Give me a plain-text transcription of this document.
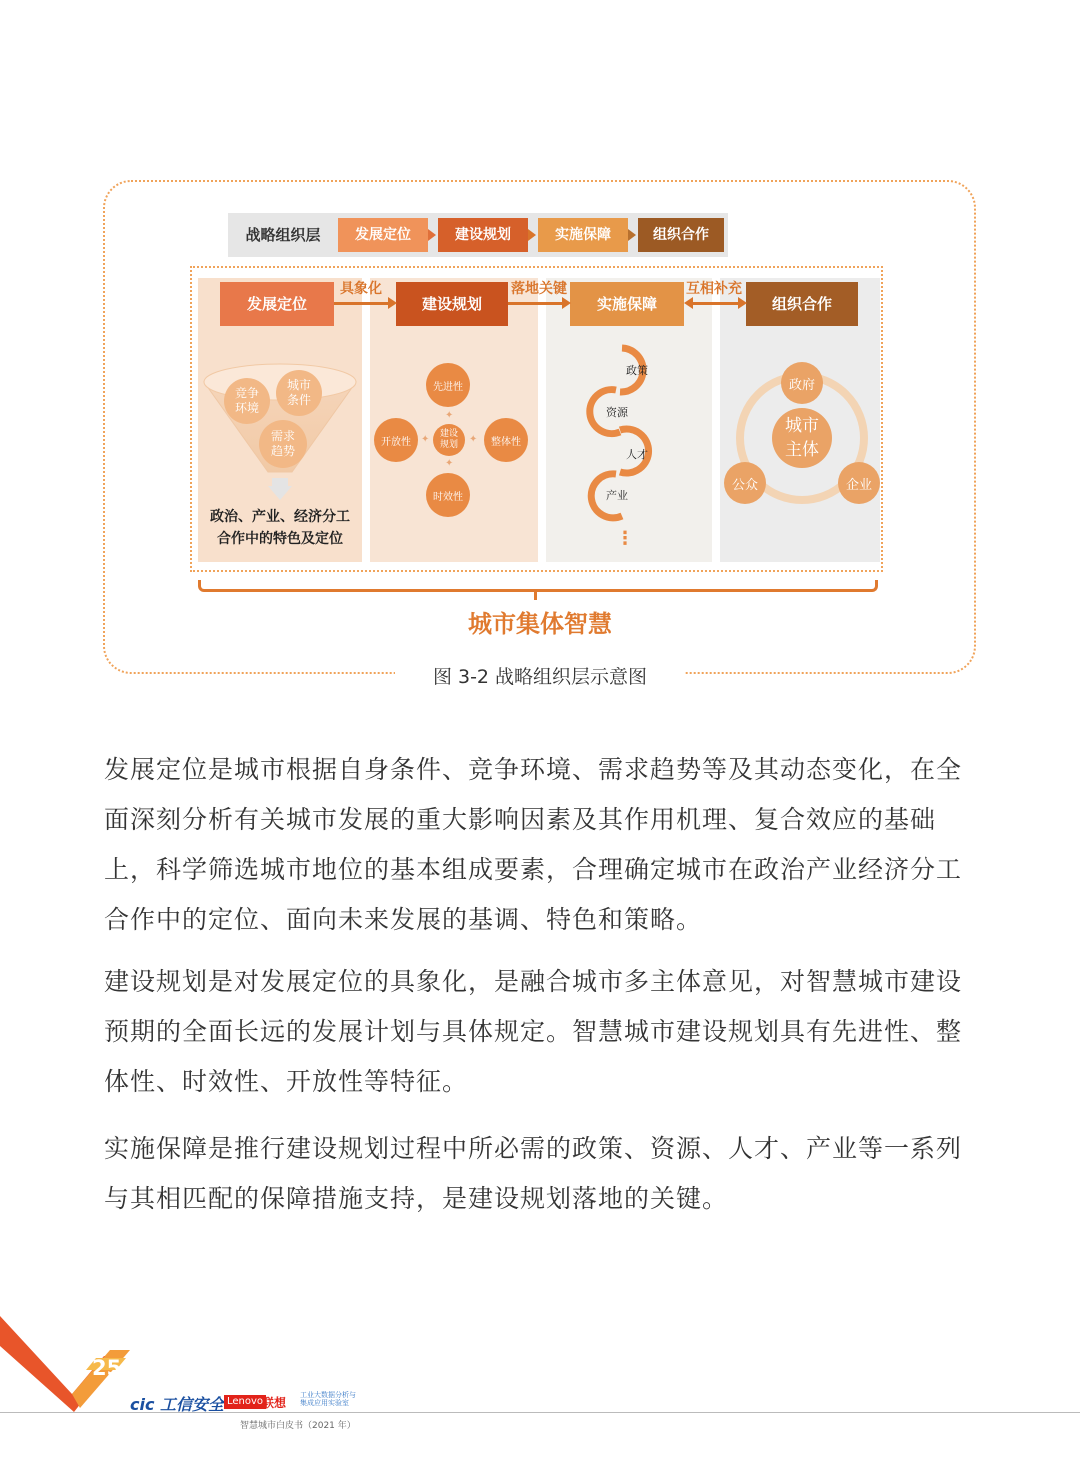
图 3-2 战略组织层示意图
战略组织层	发展定位	建设规划	实施保障	组织合作
发展定位	建设规划	实施保障	组织合作
具象化	落地关键	互相补充
竞争
环境
城市
条件
需求
趋势
政治、产业、经济分工
合作中的特色及定位
先进性
开放性	整体性
时效性
建设
规划
✦
✦
✦	✦
政策
资源
人才
产业
⋮
城市
主体
政府
公众	企业
城市集体智慧
发展定位是城市根据自身条件、竞争环境、需求趋势等及其动态变化，在全面深刻分析有关城市发展的重大影响因素及其作用机理、复合效应的基础上，科学筛选城市地位的基本组成要素，合理确定城市在政治产业经济分工合作中的定位、面向未来发展的基调、特色和策略。
建设规划是对发展定位的具象化，是融合城市多主体意见，对智慧城市建设预期的全面长远的发展计划与具体规定。智慧城市建设规划具有先进性、整体性、时效性、开放性等特征。
实施保障是推行建设规划过程中所必需的政策、资源、人才、产业等一系列与其相匹配的保障措施支持，是建设规划落地的关键。
25
cic 工信安全 Lenovo
联想
工业大数据分析与集成应用实验室
智慧城市白皮书（2021 年）
